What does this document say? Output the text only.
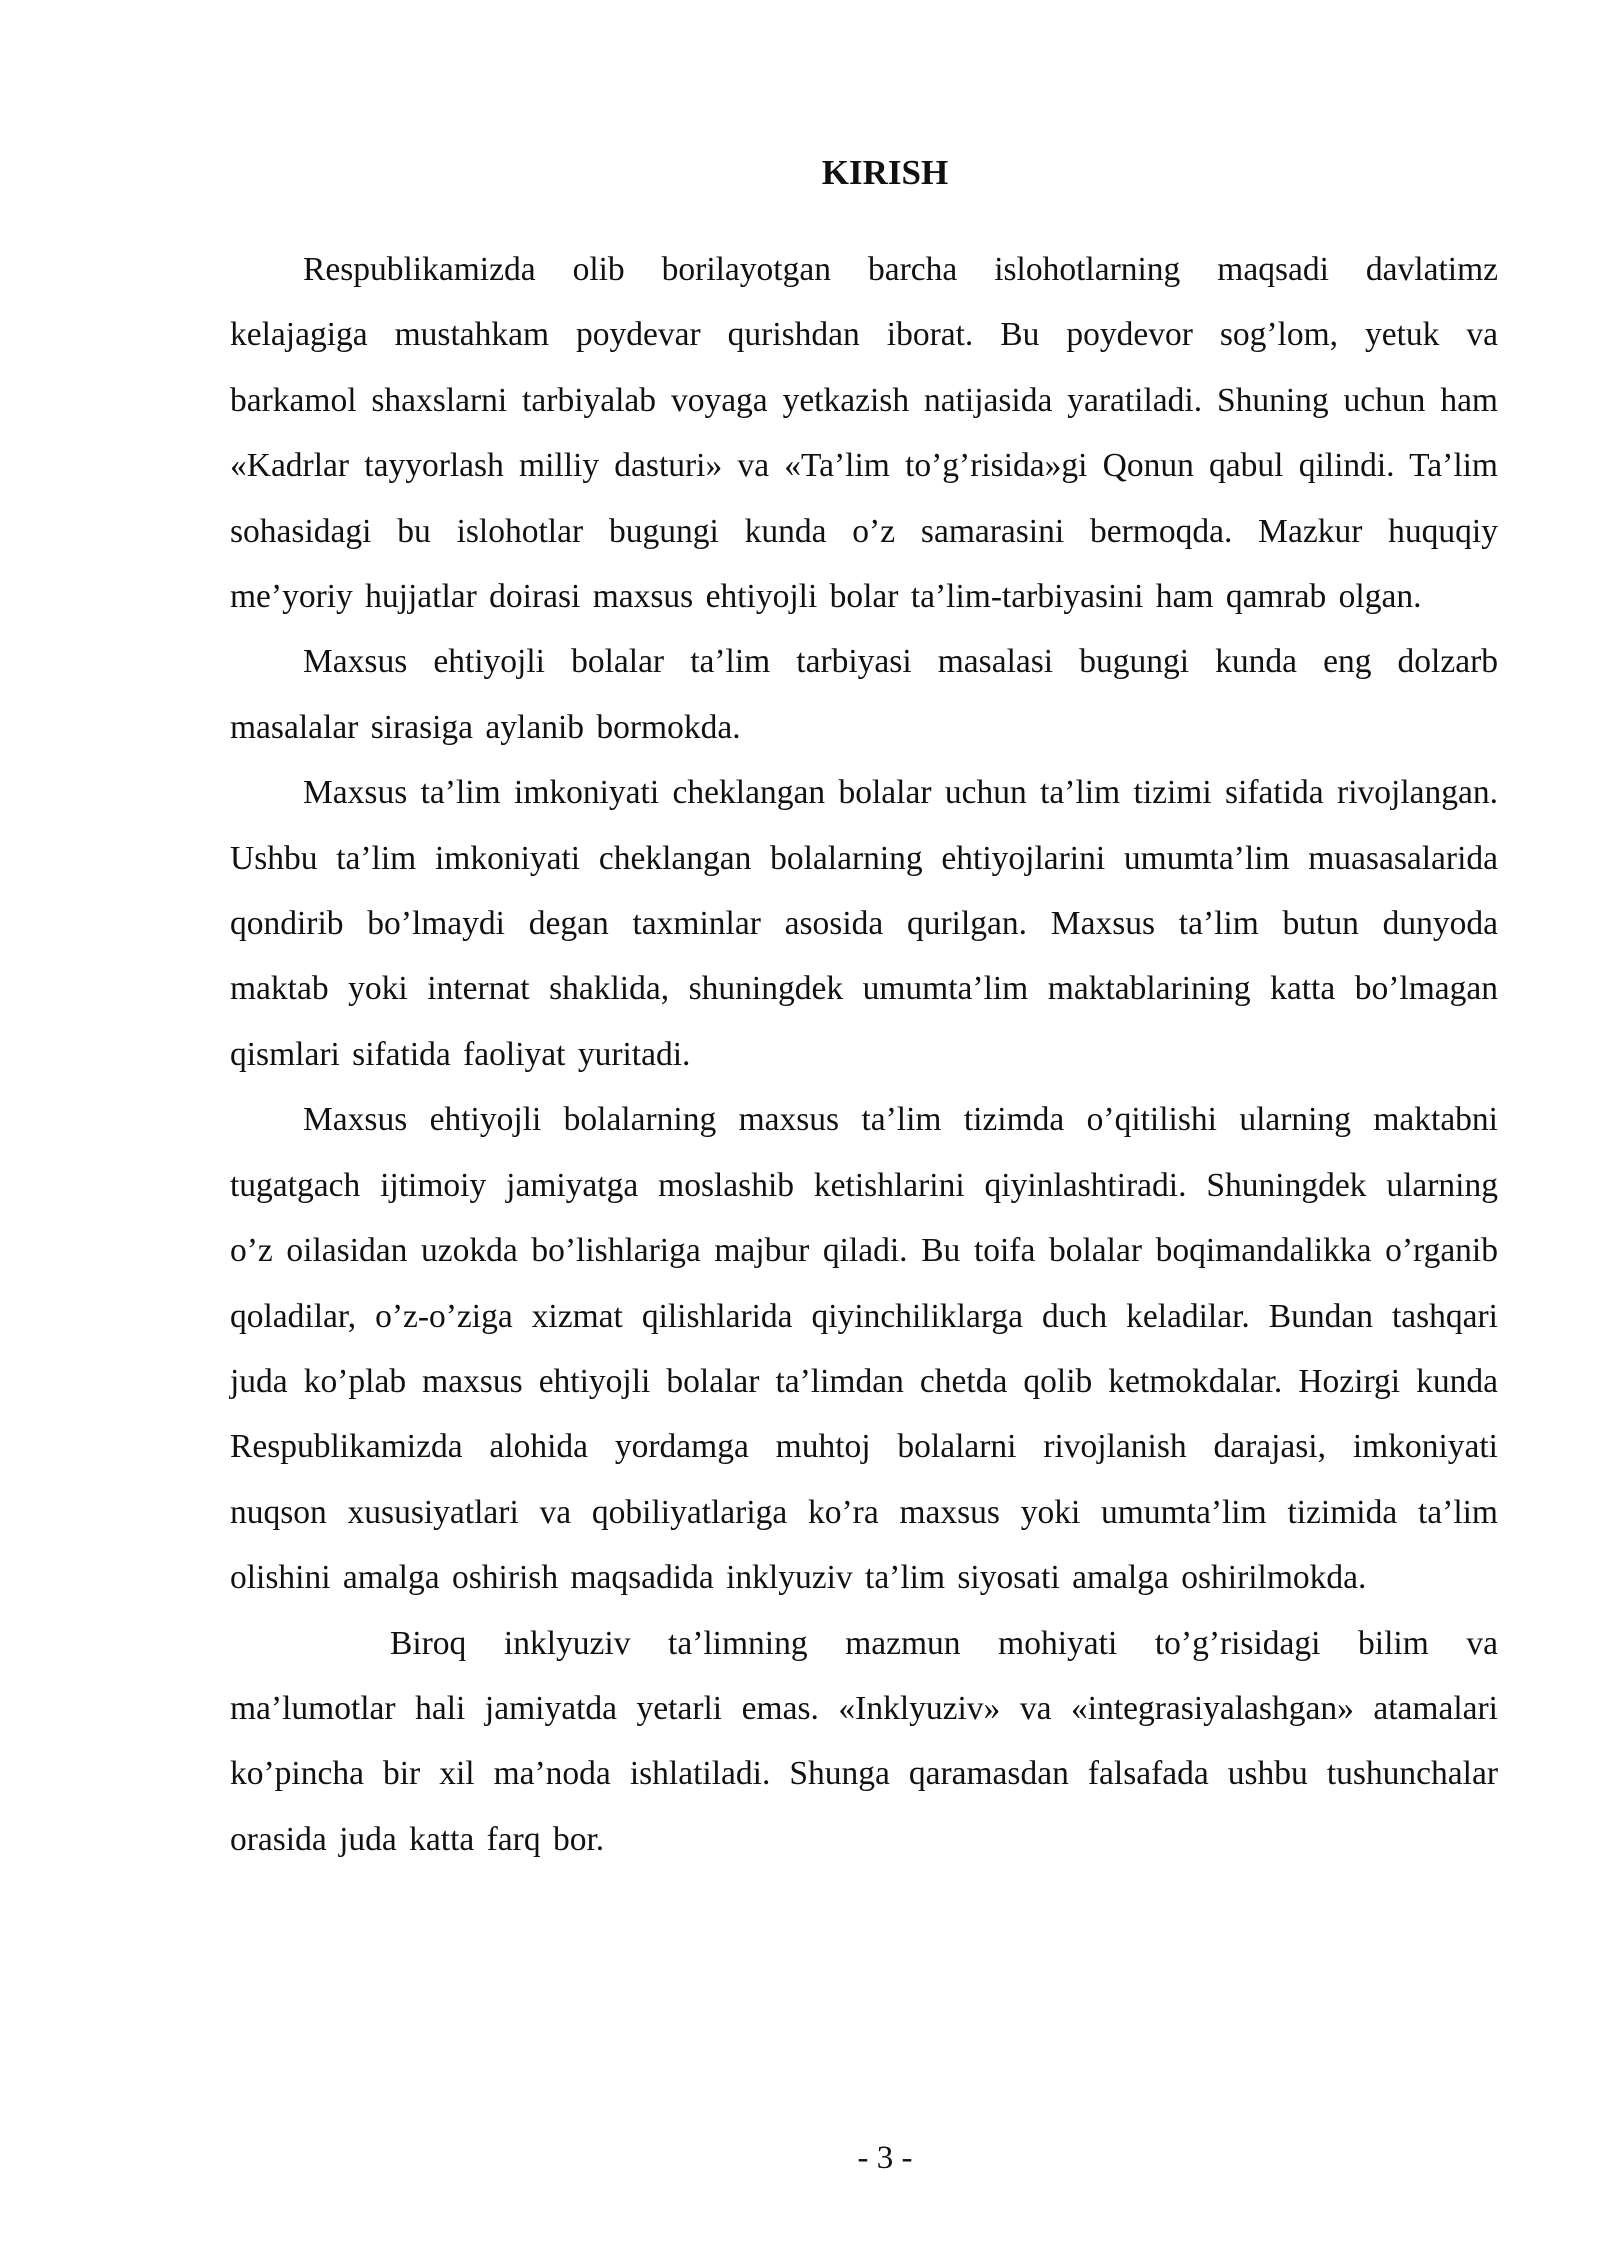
KIRISH

Respublikamizda olib borilayotgan barcha islohotlarning maqsadi davlatimz kelajagiga mustahkam poydevar qurishdan iborat. Bu poydevor sog’lom, yetuk va barkamol shaxslarni tarbiyalab voyaga yetkazish natijasida yaratiladi. Shuning uchun ham «Kadrlar tayyorlash milliy dasturi» va «Ta’lim to’g’risida»gi Qonun qabul qilindi. Ta’lim sohasidagi bu islohotlar bugungi kunda o’z samarasini bermoqda. Mazkur huquqiy me’yoriy hujjatlar doirasi maxsus ehtiyojli bolar ta’lim-tarbiyasini ham qamrab olgan.

Maxsus ehtiyojli bolalar ta’lim tarbiyasi masalasi bugungi kunda eng dolzarb masalalar sirasiga aylanib bormokda.

Maxsus ta’lim imkoniyati cheklangan bolalar uchun ta’lim tizimi sifatida rivojlangan. Ushbu ta’lim imkoniyati cheklangan bolalarning ehtiyojlarini umumta’lim muasasalarida qondirib bo’lmaydi degan taxminlar asosida qurilgan. Maxsus ta’lim butun dunyoda maktab yoki internat shaklida, shuningdek umumta’lim maktablarining katta bo’lmagan qismlari sifatida faoliyat yuritadi.

Maxsus ehtiyojli bolalarning maxsus ta’lim tizimda o’qitilishi ularning maktabni tugatgach ijtimoiy jamiyatga moslashib ketishlarini qiyinlashtiradi. Shuningdek ularning o’z oilasidan uzokda bo’lishlariga majbur qiladi. Bu toifa bolalar boqimandalikka o’rganib qoladilar, o’z-o’ziga xizmat qilishlarida qiyinchiliklarga duch keladilar. Bundan tashqari juda ko’plab maxsus ehtiyojli bolalar ta’limdan chetda qolib ketmokdalar. Hozirgi kunda Respublikamizda alohida yordamga muhtoj bolalarni rivojlanish darajasi, imkoniyati nuqson xususiyatlari va qobiliyatlariga ko’ra maxsus yoki umumta’lim tizimida ta’lim olishini amalga oshirish maqsadida inklyuziv ta’lim siyosati amalga oshirilmokda.

Biroq inklyuziv ta’limning mazmun mohiyati to’g’risidagi bilim va ma’lumotlar hali jamiyatda yetarli emas. «Inklyuziv» va «integrasiyalashgan» atamalari ko’pincha bir xil ma’noda ishlatiladi. Shunga qaramasdan falsafada ushbu tushunchalar orasida juda katta farq bor.

- 3 -
